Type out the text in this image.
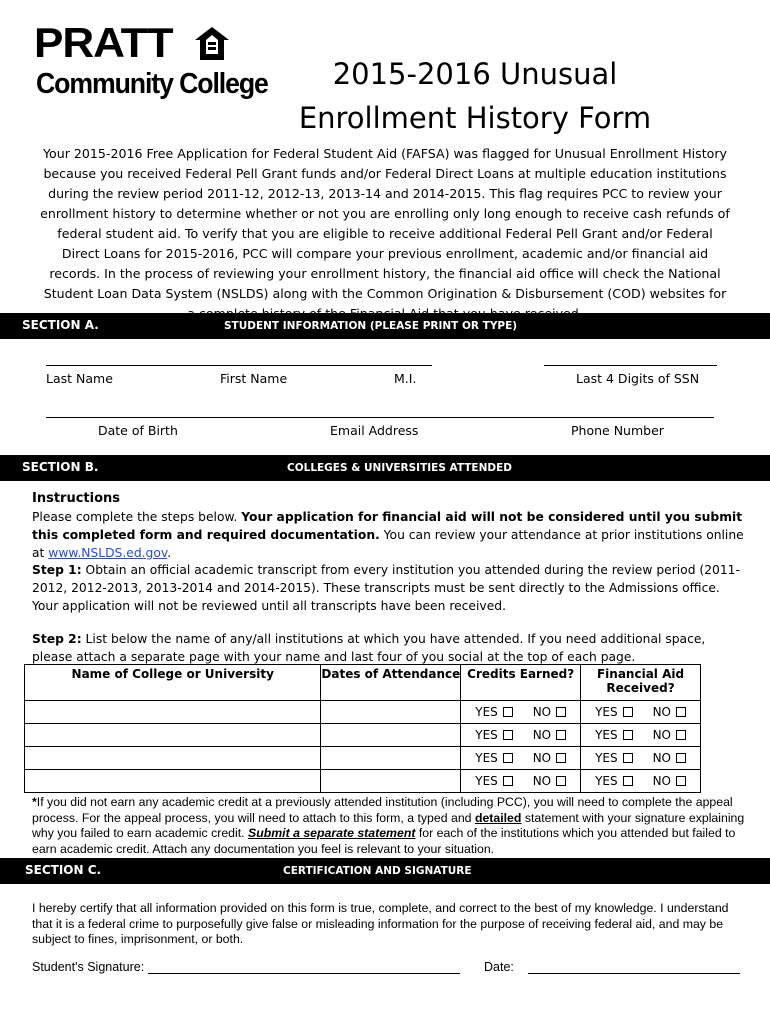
PRATT
Community College	2015-2016 Unusual Enrollment History Form
Your 2015-2016 Free Application for Federal Student Aid (FAFSA) was flagged for Unusual Enrollment History because you received Federal Pell Grant funds and/or Federal Direct Loans at multiple education institutions during the review period 2011-12, 2012-13, 2013-14 and 2014-2015. This flag requires PCC to review your enrollment history to determine whether or not you are enrolling only long enough to receive cash refunds of federal student aid. To verify that you are eligible to receive additional Federal Pell Grant and/or Federal Direct Loans for 2015-2016, PCC will compare your previous enrollment, academic and/or financial aid records. In the process of reviewing your enrollment history, the financial aid office will check the National Student Loan Data System (NSLDS) along with the Common Origination & Disbursement (COD) websites for
SECTION A.	STUDENT INFORMATION (PLEASE PRINT OR TYPE)
Last Name	First Name	M.I.	Last 4 Digits of SSN
Date of Birth	Email Address	Phone Number
SECTION B.	COLLEGES & UNIVERSITIES ATTENDED
Instructions
Please complete the steps below. Your application for financial aid will not be considered until you submit this completed form and required documentation. You can review your attendance at prior institutions online at www.NSLDS.ed.gov.
Step 1: Obtain an official academic transcript from every institution you attended during the review period (2011-2012, 2012-2013, 2013-2014 and 2014-2015). These transcripts must be sent directly to the Admissions office. Your application will not be reviewed until all transcripts have been received.
Step 2: List below the name of any/all institutions at which you have attended. If you need additional space, please attach a separate page with your name and last four of you social at the top of each page.
Name of College or University	Dates of Attendance	Credits Earned?	Financial Aid Received?

		YES NO	YES NO

		YES NO	YES NO

		YES NO	YES NO

		YES NO	YES NO
*If you did not earn any academic credit at a previously attended institution (including PCC), you will need to complete the appeal process. For the appeal process, you will need to attach to this form, a typed and detailed statement with your signature explaining why you failed to earn academic credit. Submit a separate statement for each of the institutions which you attended but failed to earn academic credit. Attach any documentation you feel is relevant to your situation.
SECTION C.	CERTIFICATION AND SIGNATURE
I hereby certify that all information provided on this form is true, complete, and correct to the best of my knowledge. I understand that it is a federal crime to purposefully give false or misleading information for the purpose of receiving federal aid, and may be subject to fines, imprisonment, or both.
Student's Signature:	Date:
